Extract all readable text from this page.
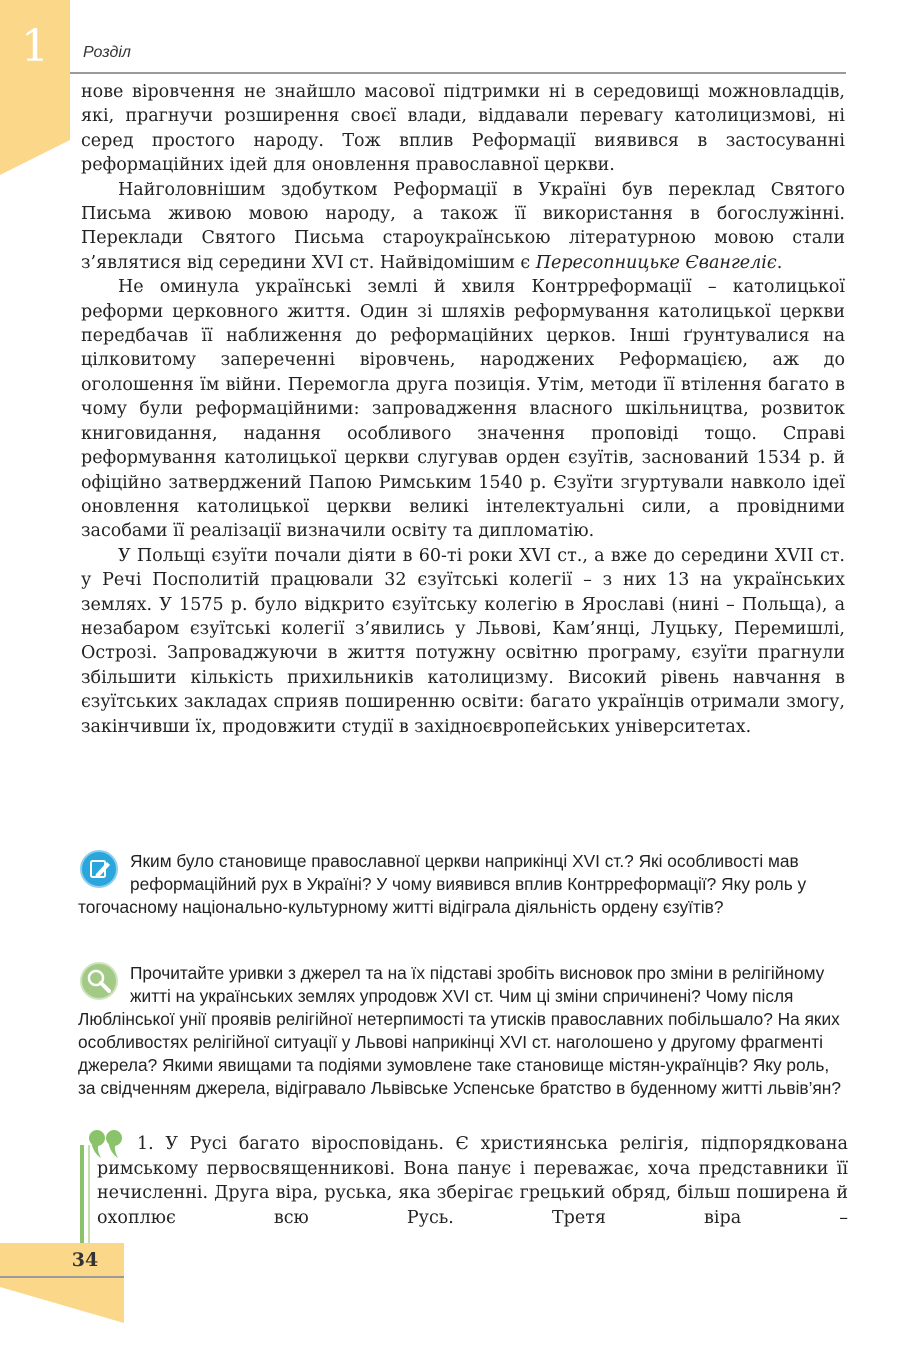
1	Розділ

нове віровчення не знайшло масової підтримки ні в середовищі можновладців, які, прагнучи розширення своєї влади, віддавали перевагу католицизмові, ні серед простого народу. Тож вплив Реформації виявився в застосуванні реформаційних ідей для оновлення православної церкви.

Найголовнішим здобутком Реформації в Україні був переклад Святого Письма живою мовою народу, а також її використання в богослужінні. Переклади Святого Письма староукраїнською літературною мовою стали з’являтися від середини XVI ст. Найвідомішим є Пересопницьке Євангеліє.

Не оминула українські землі й хвиля Контрреформації – католицької реформи церковного життя. Один зі шляхів реформування католицької церкви передбачав її наближення до реформаційних церков. Інші ґрунтувалися на цілковитому запереченні віровчень, народжених Реформацією, аж до оголошення їм війни. Перемогла друга позиція. Утім, методи її втілення багато в чому були реформаційними: запровадження власного шкільництва, розвиток книговидання, надання особливого значення проповіді тощо. Справі реформування католицької церкви слугував орден єзуїтів, заснований 1534 р. й офіційно затверджений Папою Римським 1540 р. Єзуїти згуртували навколо ідеї оновлення католицької церкви великі інтелектуальні сили, а провідними засобами її реалізації визначили освіту та дипломатію.

У Польщі єзуїти почали діяти в 60-ті роки XVI ст., а вже до середини XVII ст. у Речі Посполитій працювали 32 єзуїтські колегії – з них 13 на українських землях. У 1575 р. було відкрито єзуїтську колегію в Ярославі (нині – Польща), а незабаром єзуїтські колегії з’явились у Львові, Кам’янці, Луцьку, Перемишлі, Острозі. Запроваджуючи в життя потужну освітню програму, єзуїти прагнули збільшити кількість прихильників католицизму. Високий рівень навчання в єзуїтських закладах сприяв поширенню освіти: багато українців отримали змогу, закінчивши їх, продовжити студії в західноєвропейських університетах.

Яким було становище православної церкви наприкінці XVI ст.? Які особливості мав реформаційний рух в Україні? У чому виявився вплив Контрреформації? Яку роль у тогочасному національно-культурному житті відіграла діяльність ордену єзуїтів?
Прочитайте уривки з джерел та на їх підставі зробіть висновок про зміни в релігійному житті на українських землях упродовж XVI ст. Чим ці зміни спричинені? Чому після Люблінської унії проявів релігійної нетерпимості та утисків православних побільшало? На яких особливостях релігійної ситуації у Львові наприкінці XVI ст. наголошено у другому фрагменті джерела? Якими явищами та подіями зумовлене таке становище містян-українців? Яку роль, за свідченням джерела, відігравало Львівське Успенське братство в буденному житті львів’ян?
1. У Русі багато віросповідань. Є християнська релігія, підпорядкована римському первосвященникові. Вона панує і переважає, хоча представники її нечисленні. Друга віра, руська, яка зберігає грецький обряд, більш поширена й охоплює всю Русь. Третя віра –
34
